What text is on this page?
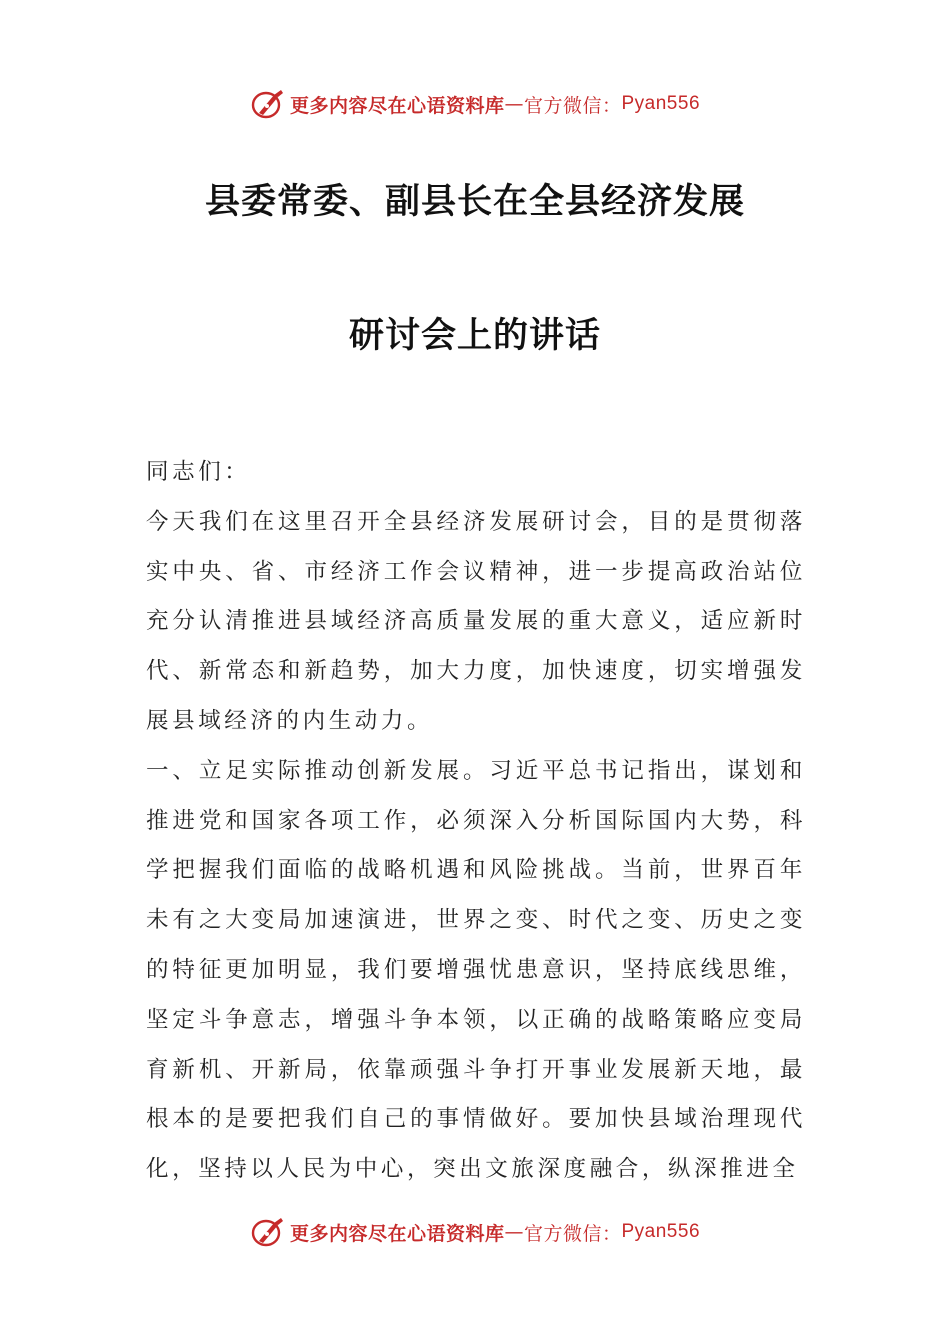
更多内容尽在心语资料库 — 官方微信： Pyan556
县委常委、副县长在全县经济发展
研讨会上的讲话

同志们：

今天我们在这里召开全县经济发展研讨会，目的是贯彻落实中央、省、市经济工作会议精神，进一步提高政治站位充分认清推进县域经济高质量发展的重大意义，适应新时代、新常态和新趋势，加大力度，加快速度，切实增强发展县域经济的内生动力。

一、立足实际推动创新发展。习近平总书记指出，谋划和推进党和国家各项工作，必须深入分析国际国内大势，科学把握我们面临的战略机遇和风险挑战。当前，世界百年未有之大变局加速演进，世界之变、时代之变、历史之变的特征更加明显，我们要增强忧患意识，坚持底线思维，坚定斗争意志，增强斗争本领，以正确的战略策略应变局育新机、开新局，依靠顽强斗争打开事业发展新天地，最根本的是要把我们自己的事情做好。要加快县域治理现代化，坚持以人民为中心，突出文旅深度融合，纵深推进全

更多内容尽在心语资料库 — 官方微信： Pyan556
